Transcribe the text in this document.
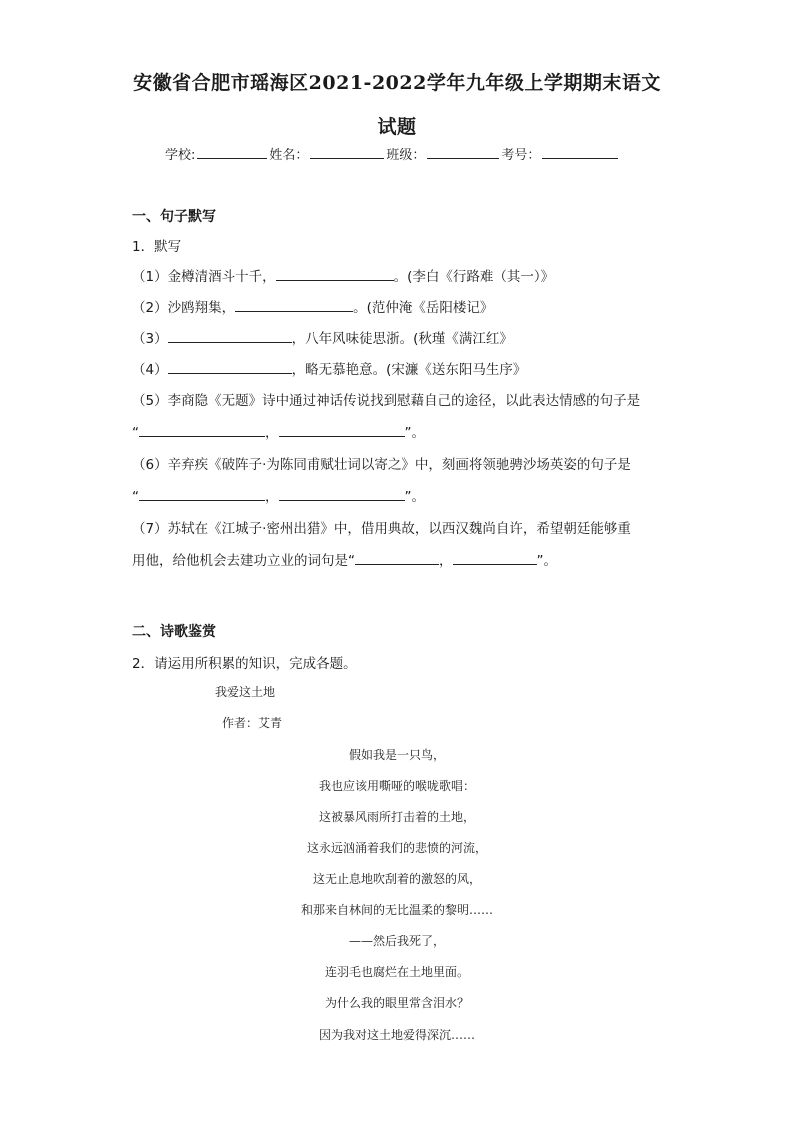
安徽省合肥市瑶海区2021-2022学年九年级上学期期末语文
试题
学校:	姓名：	班级：	考号：
一、句子默写
1．默写
（1）金樽清酒斗十千，	。(李白《行路难（其一）》
（2）沙鸥翔集，	。(范仲淹《岳阳楼记》
（3）	，八年风味徒思浙。(秋瑾《满江红》
（4）	，略无慕艳意。(宋濂《送东阳马生序》
（5）李商隐《无题》诗中通过神话传说找到慰藉自己的途径，以此表达情感的句子是
“	，	”。
（6）辛弃疾《破阵子·为陈同甫赋壮词以寄之》中，刻画将领驰骋沙场英姿的句子是
“	，	”。
（7）苏轼在《江城子·密州出猎》中，借用典故，以西汉魏尚自许，希望朝廷能够重
用他，给他机会去建功立业的词句是“	，	”。
二、诗歌鉴赏
2．请运用所积累的知识，完成各题。
我爱这土地
作者：艾青
假如我是一只鸟，
我也应该用嘶哑的喉咙歌唱：
这被暴风雨所打击着的土地，
这永远汹涌着我们的悲愤的河流，
这无止息地吹刮着的激怒的风，
和那来自林间的无比温柔的黎明……
——然后我死了，
连羽毛也腐烂在土地里面。
为什么我的眼里常含泪水？
因为我对这土地爱得深沉……
